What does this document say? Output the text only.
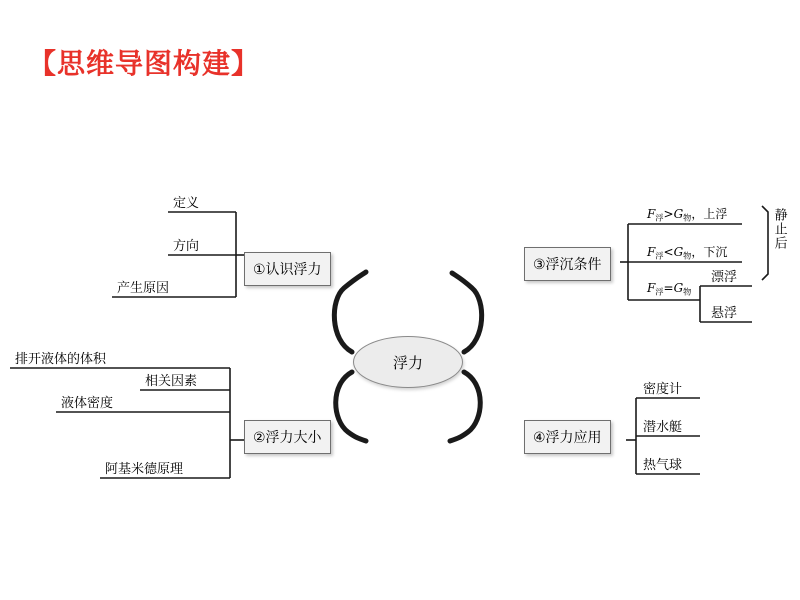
【思维导图构建】
浮力
①认识浮力
②浮力大小
③浮沉条件
④浮力应用
定义
方向
产生原因
排开液体的体积
相关因素
液体密度
阿基米德原理
$F_浮>G_物$，上浮
$F_浮<G_物$，下沉
$F_浮=G_物$
漂浮
悬浮
静止后
密度计
潜水艇
热气球
